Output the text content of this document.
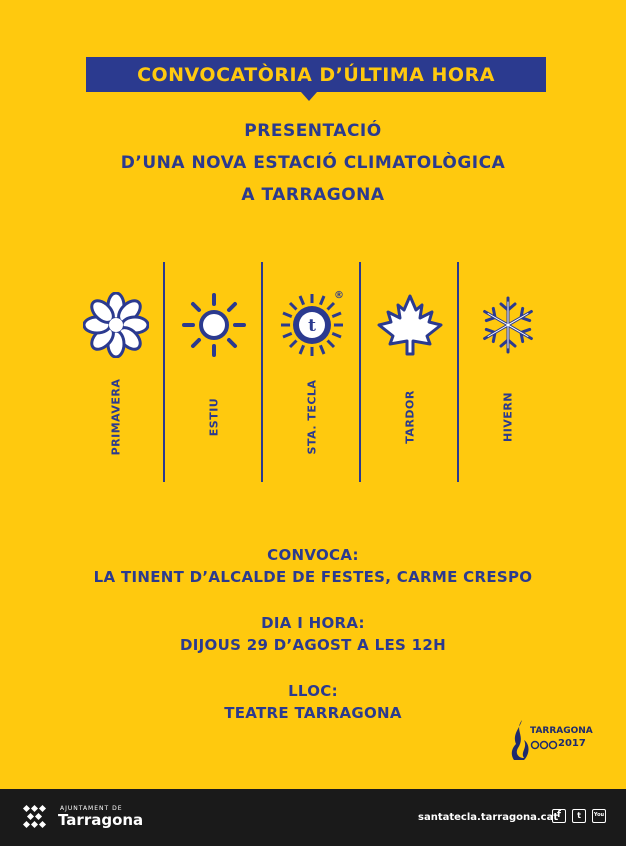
CONVOCATÒRIA D’ÚLTIMA HORA
PRESENTACIÓ
D’UNA NOVA ESTACIÓ CLIMATOLÒGICA
A TARRAGONA
PRIMAVERA	ESTIU
t
®
STA. TECLA	TARDOR	HIVERN
CONVOCA:
LA TINENT D’ALCALDE DE FESTES, CARME CRESPO
DIA I HORA:
DIJOUS 29 D’AGOST A LES 12H
LLOC:
TEATRE TARRAGONA
TARRAGONA
2017
AJUNTAMENT DE
Tarragona	santatecla.tarragona.cat
f	t	You
